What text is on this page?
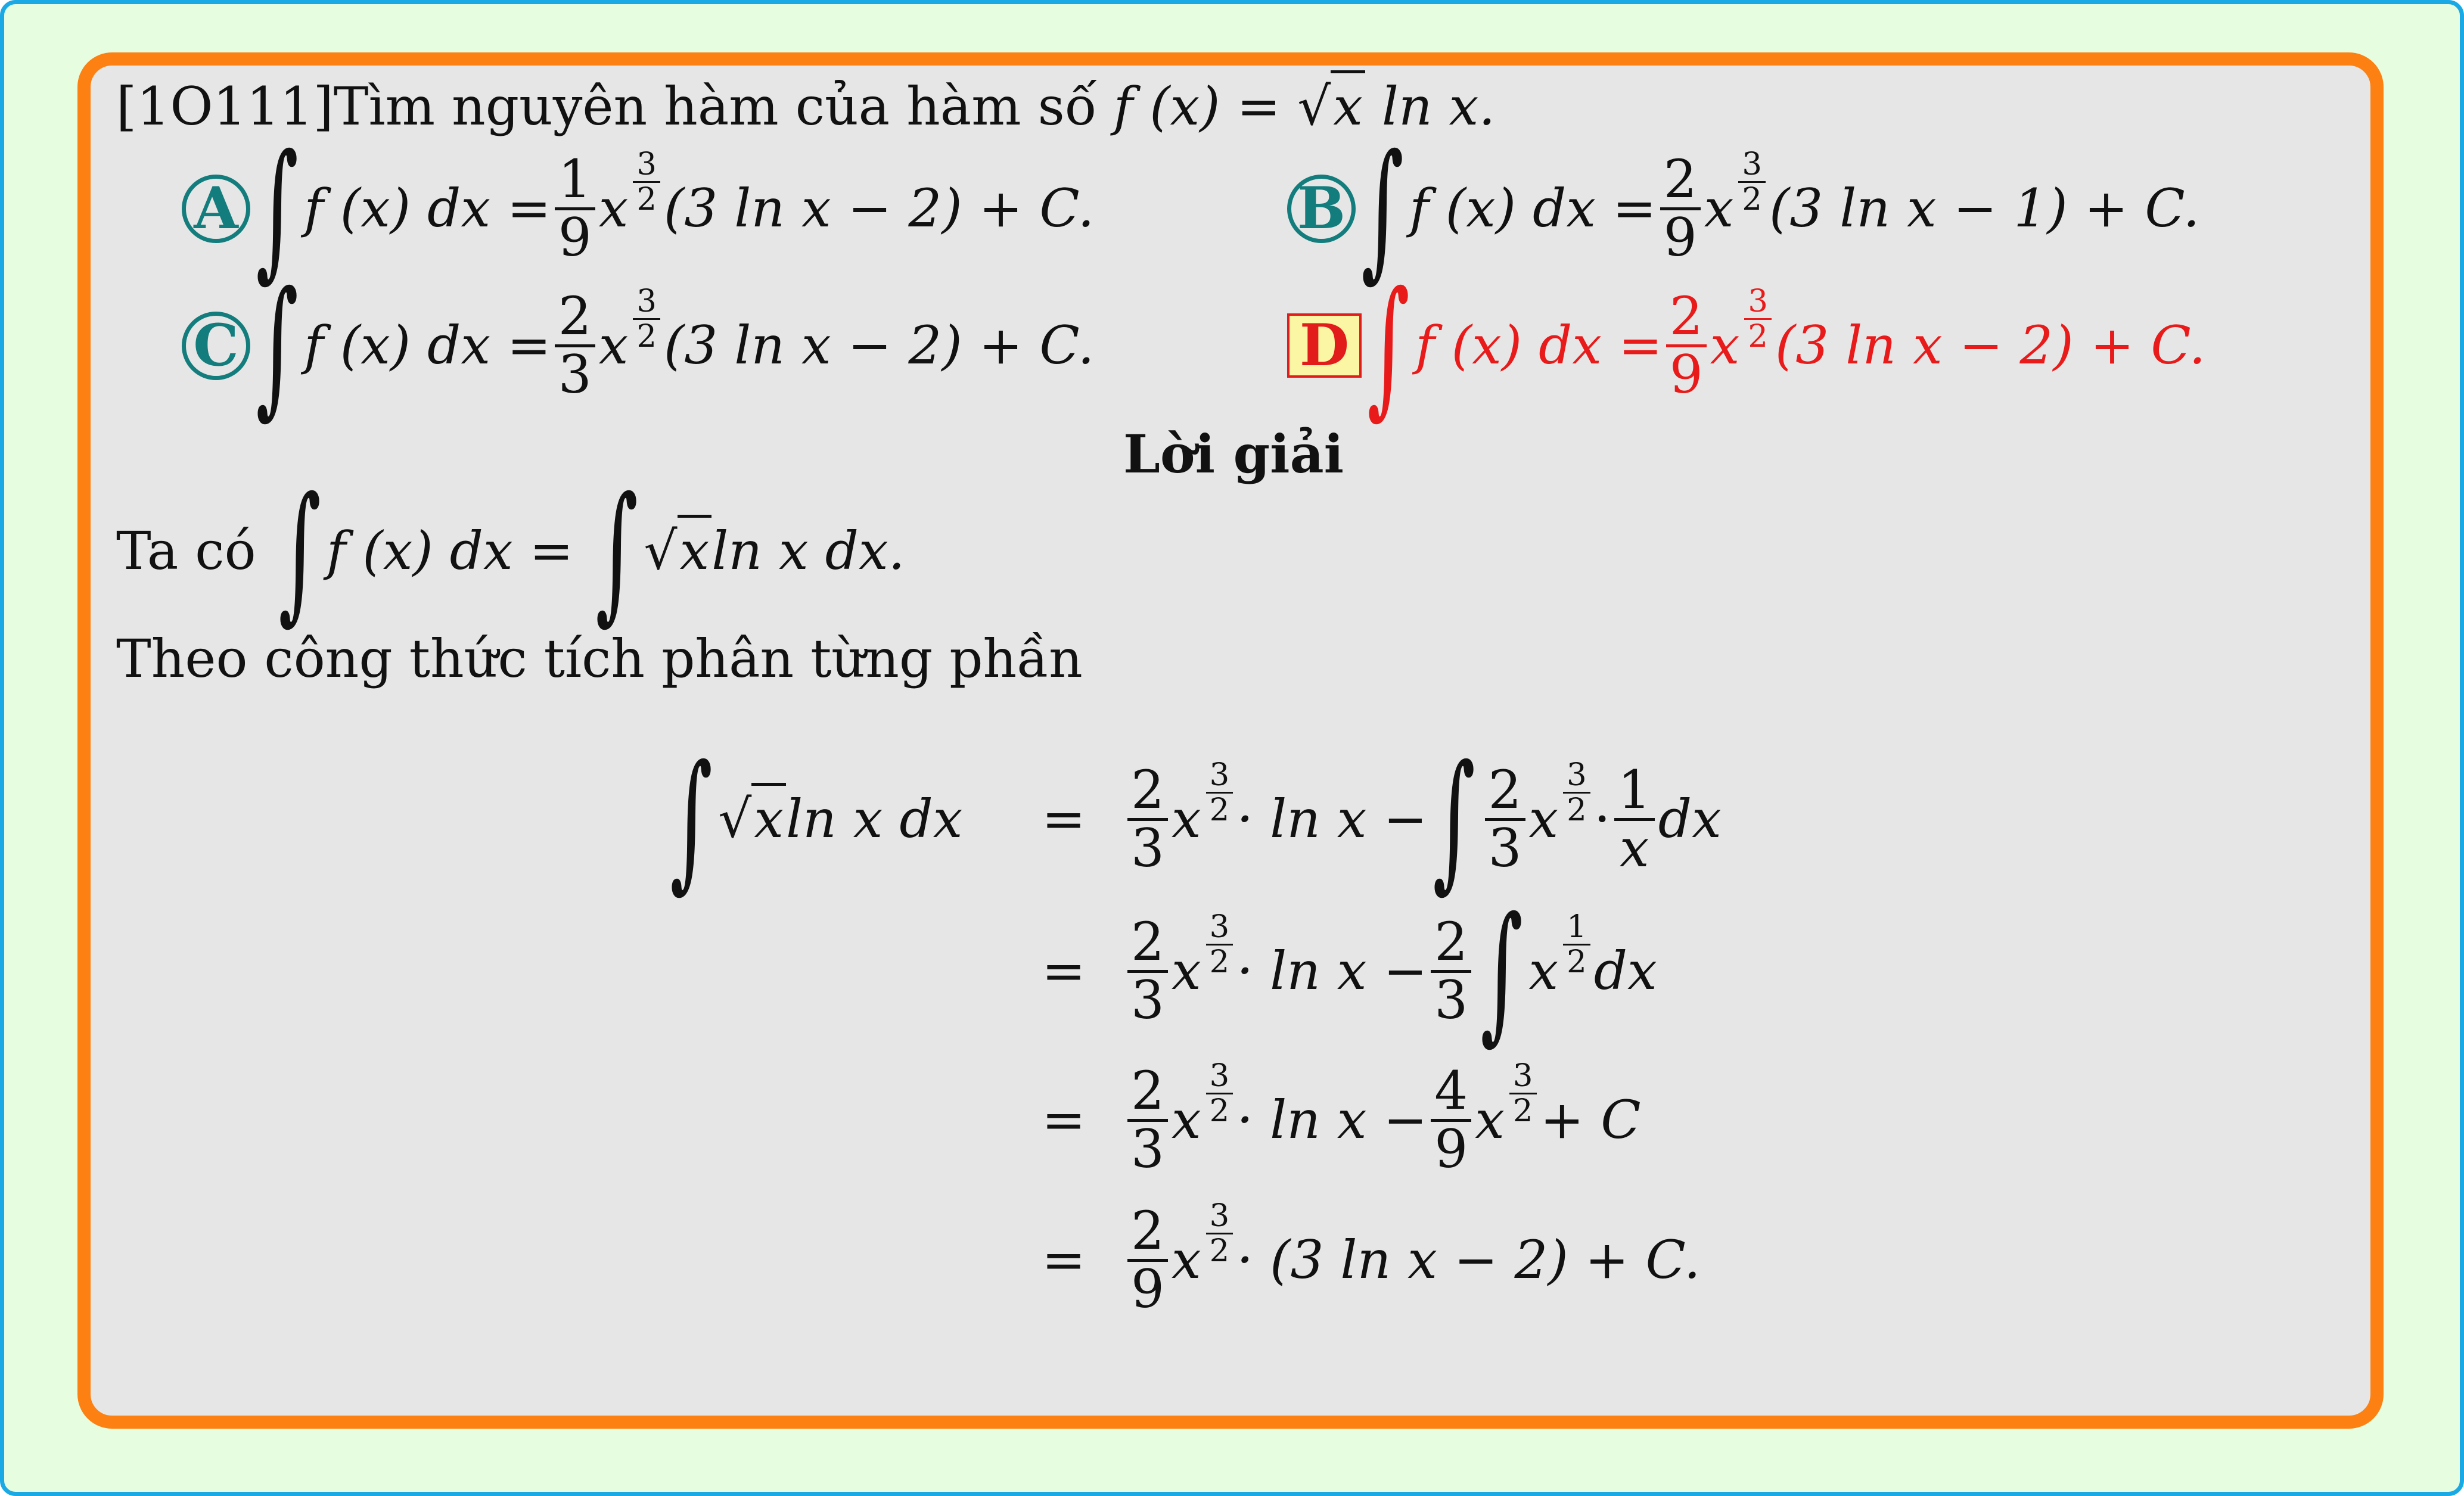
[1O111]Tìm nguyên hàm của hàm số f (x) = √x ln x.
A ∫ f (x) dx = 1
9 x $\frac{3}{2} (3$ ln x − 2) + C.	B ∫ f (x) dx = 2
9 x $\frac{3}{2} (3$ ln x − 1) + C.
C ∫ f (x) dx = 2
3 x $\frac{3}{2} (3$ ln x − 2) + C.	D ∫ f (x) dx = 2
9 x $\frac{3}{2} (3$ ln x − 2) + C.
Lời giải
Ta có
∫ f (x) dx =
∫ √x ln x dx.
Theo công thức tích phân từng phần
∫ √x ln x dx =
2
3 x $\frac{3}{2} \cdot \ln x$ − ∫ 2
3 x $\frac{3}{2} \cdot 1$
x dx
=
2
3 x $\frac{3}{2} \cdot \ln x - 2$
3 ∫ x $\frac{1}{2}$ dx
=
2
3 x $\frac{3}{2} \cdot \ln x - 4$
9 x $\frac{3}{2} + C$
=
2
9 x $\frac{3}{2} \cdot (3$ ln x − 2) + C.
